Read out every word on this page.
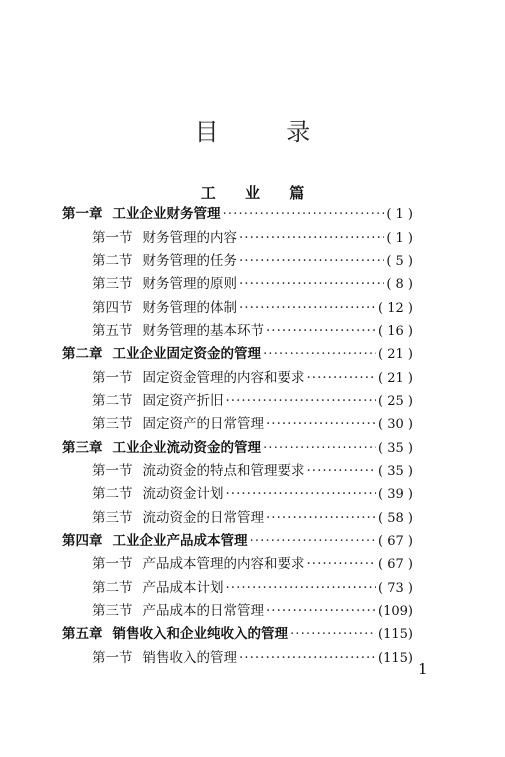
目 录
工 业 篇
第一章 工业企业财务管理 ·····	( 1 )
第一节 财务管理的内容 ·····	( 1 )
第二节 财务管理的任务 ·····	( 5 )
第三节 财务管理的原则 ·····	( 8 )
第四节 财务管理的体制 ·····	( 12 )
第五节 财务管理的基本环节 ·····	( 16 )
第二章 工业企业固定资金的管理 ·····	( 21 )
第一节 固定资金管理的内容和要求 ·····	( 21 )
第二节 固定资产折旧 ·····	( 25 )
第三节 固定资产的日常管理 ·····	( 30 )
第三章 工业企业流动资金的管理 ·····	( 35 )
第一节 流动资金的特点和管理要求 ·····	( 35 )
第二节 流动资金计划 ·····	( 39 )
第三节 流动资金的日常管理 ·····	( 58 )
第四章 工业企业产品成本管理 ·····	( 67 )
第一节 产品成本管理的内容和要求 ·····	( 67 )
第二节 产品成本计划 ·····	( 73 )
第三节 产品成本的日常管理 ·····	(109)
第五章 销售收入和企业纯收入的管理 ·····	(115)
第一节 销售收入的管理 ·····	(115)
1
